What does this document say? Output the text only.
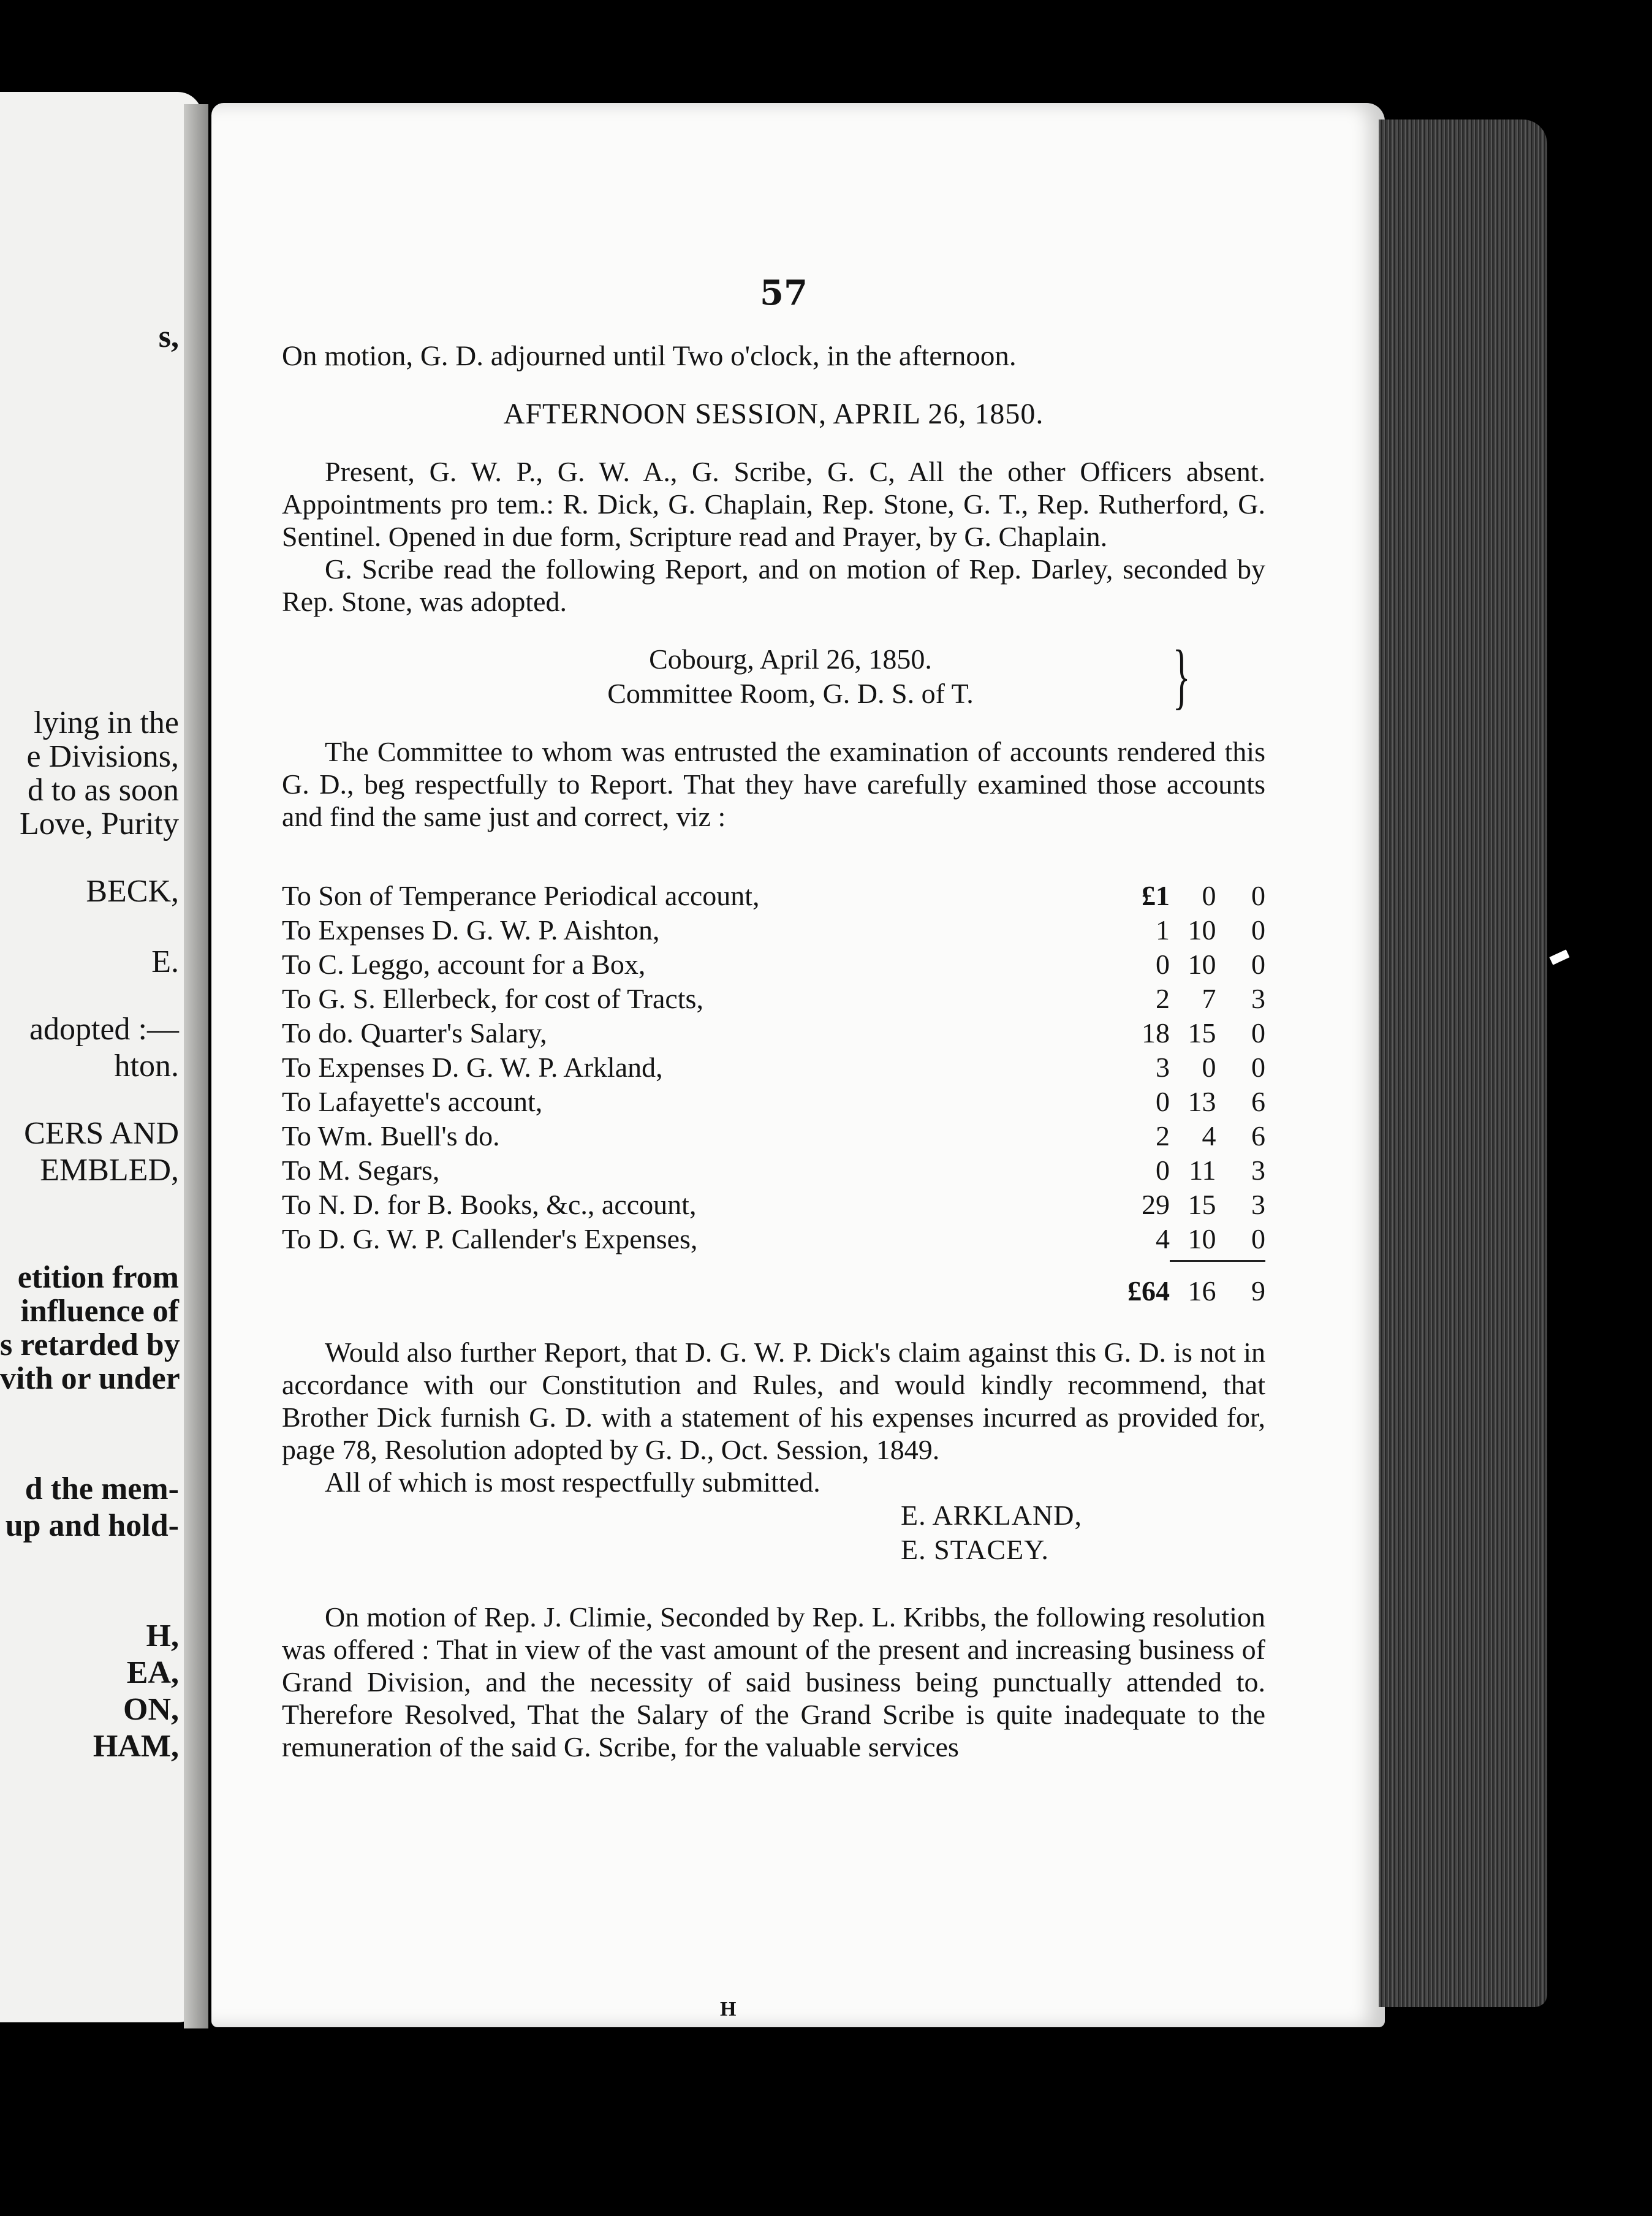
s,
lying in the
e Divisions,
d to as soon
Love, Purity
BECK,
E.
adopted :—
hton.
CERS AND
EMBLED,
etition from
influence of
s retarded by
vith or under
d the mem-
up and hold-
H,
EA,
ON,
HAM,
57

On motion, G. D. adjourned until Two o'clock, in the afternoon.

AFTERNOON SESSION, APRIL 26, 1850.

Present, G. W. P., G. W. A., G. Scribe, G. C, All the other Officers absent. Appointments pro tem.: R. Dick, G. Chaplain, Rep. Stone, G. T., Rep. Rutherford, G. Sentinel. Opened in due form, Scripture read and Prayer, by G. Chaplain.

G. Scribe read the following Report, and on motion of Rep. Darley, seconded by Rep. Stone, was adopted.

Cobourg, April 26, 1850.

Committee Room, G. D. S. of T.	}

The Committee to whom was entrusted the examination of accounts rendered this G. D., beg respectfully to Report. That they have carefully examined those accounts and find the same just and correct, viz :

To Son of Temperance Periodical account,	£1	0	0
To Expenses D. G. W. P. Aishton,	1	10	0
To C. Leggo, account for a Box,	0	10	0
To G. S. Ellerbeck, for cost of Tracts,	2	7	3
To do. Quarter's Salary,	18	15	0
To Expenses D. G. W. P. Arkland,	3	0	0
To Lafayette's account,	0	13	6
To Wm. Buell's do.	2	4	6
To M. Segars,	0	11	3
To N. D. for B. Books, &c., account,	29	15	3
To D. G. W. P. Callender's Expenses,	4	10	0

	£64	16	9

Would also further Report, that D. G. W. P. Dick's claim against this G. D. is not in accordance with our Constitution and Rules, and would kindly recommend, that Brother Dick furnish G. D. with a statement of his expenses incurred as provided for, page 78, Resolution adopted by G. D., Oct. Session, 1849.

All of which is most respectfully submitted.

E. ARKLAND,

E. STACEY.

On motion of Rep. J. Climie, Seconded by Rep. L. Kribbs, the following resolution was offered : That in view of the vast amount of the present and increasing business of Grand Division, and the necessity of said business being punctually attended to. Therefore Resolved, That the Salary of the Grand Scribe is quite inadequate to the remuneration of the said G. Scribe, for the valuable services

H
